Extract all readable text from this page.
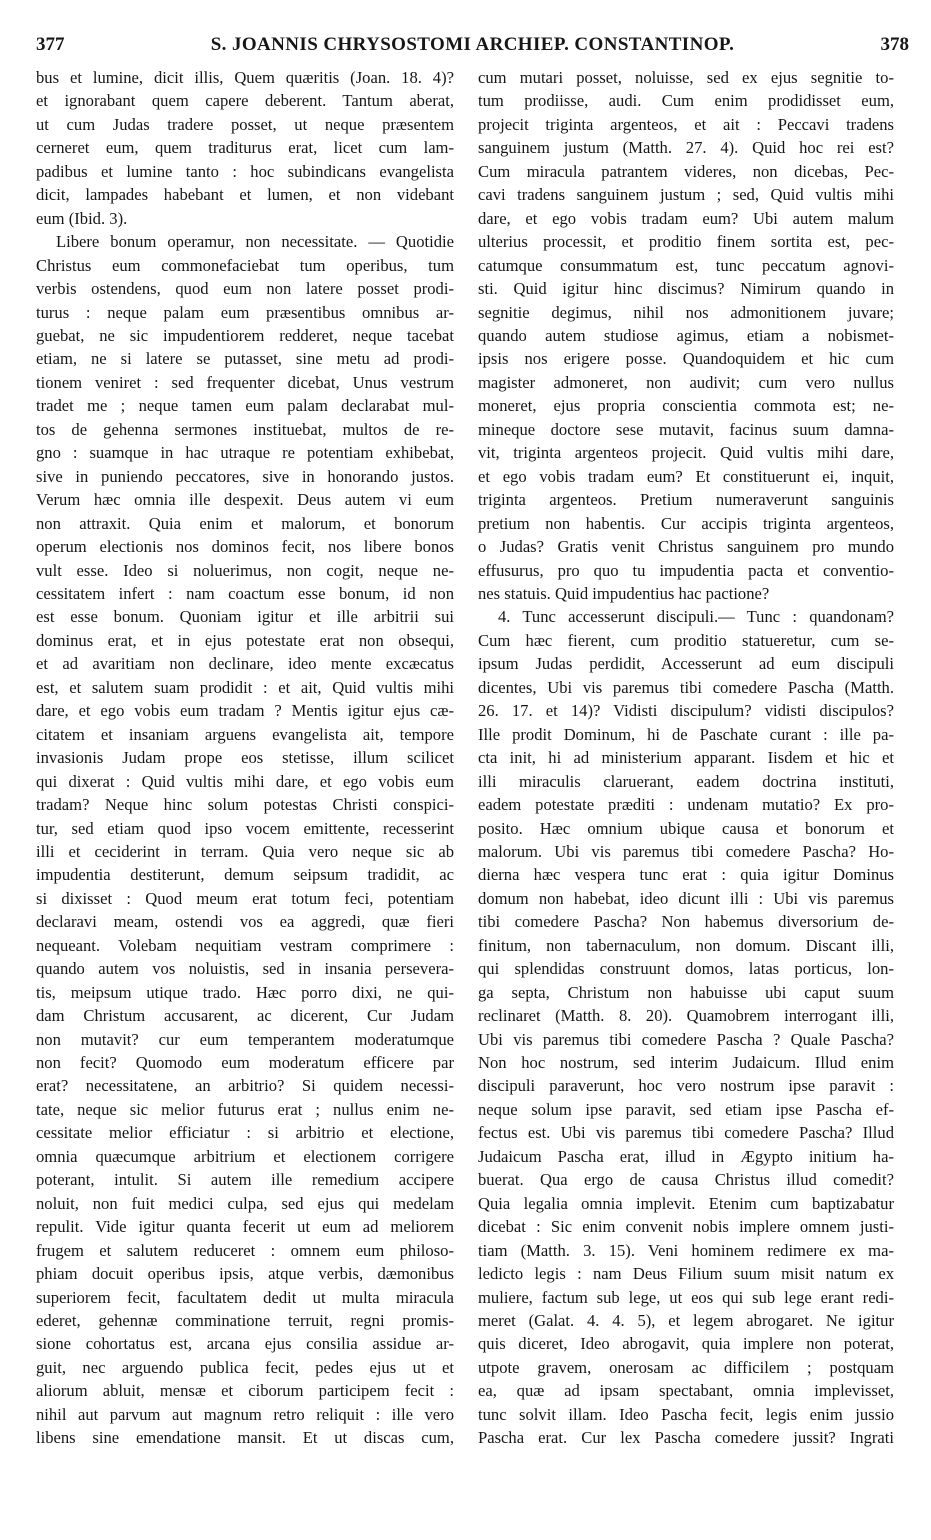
377	S. JOANNIS CHRYSOSTOMI ARCHIEP. CONSTANTINOP.	378
bus et lumine, dicit illis, Quem quæritis (Joan. 18. 4)?
et ignorabant quem capere deberent. Tantum aberat,
ut cum Judas tradere posset, ut neque præsentem
cerneret eum, quem traditurus erat, licet cum lam-
padibus et lumine tanto : hoc subindicans evangelista
dicit, lampades habebant et lumen, et non videbant
eum (Ibid. 3).
Libere bonum operamur, non necessitate. — Quotidie
Christus eum commonefaciebat tum operibus, tum
verbis ostendens, quod eum non latere posset prodi-
turus : neque palam eum præsentibus omnibus ar-
guebat, ne sic impudentiorem redderet, neque tacebat
etiam, ne si latere se putasset, sine metu ad prodi-
tionem veniret : sed frequenter dicebat, Unus vestrum
tradet me ; neque tamen eum palam declarabat mul-
tos de gehenna sermones instituebat, multos de re-
gno : suamque in hac utraque re potentiam exhibebat,
sive in puniendo peccatores, sive in honorando justos.
Verum hæc omnia ille despexit. Deus autem vi eum
non attraxit. Quia enim et malorum, et bonorum
operum electionis nos dominos fecit, nos libere bonos
vult esse. Ideo si noluerimus, non cogit, neque ne-
cessitatem infert : nam coactum esse bonum, id non
est esse bonum. Quoniam igitur et ille arbitrii sui
dominus erat, et in ejus potestate erat non obsequi,
et ad avaritiam non declinare, ideo mente excæcatus
est, et salutem suam prodidit : et ait, Quid vultis mihi
dare, et ego vobis eum tradam ? Mentis igitur ejus cæ-
citatem et insaniam arguens evangelista ait, tempore
invasionis Judam prope eos stetisse, illum scilicet
qui dixerat : Quid vultis mihi dare, et ego vobis eum
tradam? Neque hinc solum potestas Christi conspici-
tur, sed etiam quod ipso vocem emittente, recesserint
illi et ceciderint in terram. Quia vero neque sic ab
impudentia destiterunt, demum seipsum tradidit, ac
si dixisset : Quod meum erat totum feci, potentiam
declaravi meam, ostendi vos ea aggredi, quæ fieri
nequeant. Volebam nequitiam vestram comprimere :
quando autem vos noluistis, sed in insania persevera-
tis, meipsum utique trado. Hæc porro dixi, ne qui-
dam Christum accusarent, ac dicerent, Cur Judam
non mutavit? cur eum temperantem moderatumque
non fecit? Quomodo eum moderatum efficere par
erat? necessitatene, an arbitrio? Si quidem necessi-
tate, neque sic melior futurus erat ; nullus enim ne-
cessitate melior efficiatur : si arbitrio et electione,
omnia quæcumque arbitrium et electionem corrigere
poterant, intulit. Si autem ille remedium accipere
noluit, non fuit medici culpa, sed ejus qui medelam
repulit. Vide igitur quanta fecerit ut eum ad meliorem
frugem et salutem reduceret : omnem eum philoso-
phiam docuit operibus ipsis, atque verbis, dæmonibus
superiorem fecit, facultatem dedit ut multa miracula
ederet, gehennæ comminatione terruit, regni promis-
sione cohortatus est, arcana ejus consilia assidue ar-
guit, nec arguendo publica fecit, pedes ejus ut et
aliorum abluit, mensæ et ciborum participem fecit :
nihil aut parvum aut magnum retro reliquit : ille vero
libens sine emendatione mansit. Et ut discas cum,
cum mutari posset, noluisse, sed ex ejus segnitie to-
tum prodiisse, audi. Cum enim prodidisset eum,
projecit triginta argenteos, et ait : Peccavi tradens
sanguinem justum (Matth. 27. 4). Quid hoc rei est?
Cum miracula patrantem videres, non dicebas, Pec-
cavi tradens sanguinem justum ; sed, Quid vultis mihi
dare, et ego vobis tradam eum? Ubi autem malum
ulterius processit, et proditio finem sortita est, pec-
catumque consummatum est, tunc peccatum agnovi-
sti. Quid igitur hinc discimus? Nimirum quando in
segnitie degimus, nihil nos admonitionem juvare;
quando autem studiose agimus, etiam a nobismet-
ipsis nos erigere posse. Quandoquidem et hic cum
magister admoneret, non audivit; cum vero nullus
moneret, ejus propria conscientia commota est; ne-
mineque doctore sese mutavit, facinus suum damna-
vit, triginta argenteos projecit. Quid vultis mihi dare,
et ego vobis tradam eum? Et constituerunt ei, inquit,
triginta argenteos. Pretium numeraverunt sanguinis
pretium non habentis. Cur accipis triginta argenteos,
o Judas? Gratis venit Christus sanguinem pro mundo
effusurus, pro quo tu impudentia pacta et conventio-
nes statuis. Quid impudentius hac pactione?
4. Tunc accesserunt discipuli.— Tunc : quandonam?
Cum hæc fierent, cum proditio statueretur, cum se-
ipsum Judas perdidit, Accesserunt ad eum discipuli
dicentes, Ubi vis paremus tibi comedere Pascha (Matth.
26. 17. et 14)? Vidisti discipulum? vidisti discipulos?
Ille prodit Dominum, hi de Paschate curant : ille pa-
cta init, hi ad ministerium apparant. Iisdem et hic et
illi miraculis claruerant, eadem doctrina instituti,
eadem potestate præditi : undenam mutatio? Ex pro-
posito. Hæc omnium ubique causa et bonorum et
malorum. Ubi vis paremus tibi comedere Pascha? Ho-
dierna hæc vespera tunc erat : quia igitur Dominus
domum non habebat, ideo dicunt illi : Ubi vis paremus
tibi comedere Pascha? Non habemus diversorium de-
finitum, non tabernaculum, non domum. Discant illi,
qui splendidas construunt domos, latas porticus, lon-
ga septa, Christum non habuisse ubi caput suum
reclinaret (Matth. 8. 20). Quamobrem interrogant illi,
Ubi vis paremus tibi comedere Pascha ? Quale Pascha?
Non hoc nostrum, sed interim Judaicum. Illud enim
discipuli paraverunt, hoc vero nostrum ipse paravit :
neque solum ipse paravit, sed etiam ipse Pascha ef-
fectus est. Ubi vis paremus tibi comedere Pascha? Illud
Judaicum Pascha erat, illud in Ægypto initium ha-
buerat. Qua ergo de causa Christus illud comedit?
Quia legalia omnia implevit. Etenim cum baptizabatur
dicebat : Sic enim convenit nobis implere omnem justi-
tiam (Matth. 3. 15). Veni hominem redimere ex ma-
ledicto legis : nam Deus Filium suum misit natum ex
muliere, factum sub lege, ut eos qui sub lege erant redi-
meret (Galat. 4. 4. 5), et legem abrogaret. Ne igitur
quis diceret, Ideo abrogavit, quia implere non poterat,
utpote gravem, onerosam ac difficilem ; postquam
ea, quæ ad ipsam spectabant, omnia implevisset,
tunc solvit illam. Ideo Pascha fecit, legis enim jussio
Pascha erat. Cur lex Pascha comedere jussit? Ingrati
